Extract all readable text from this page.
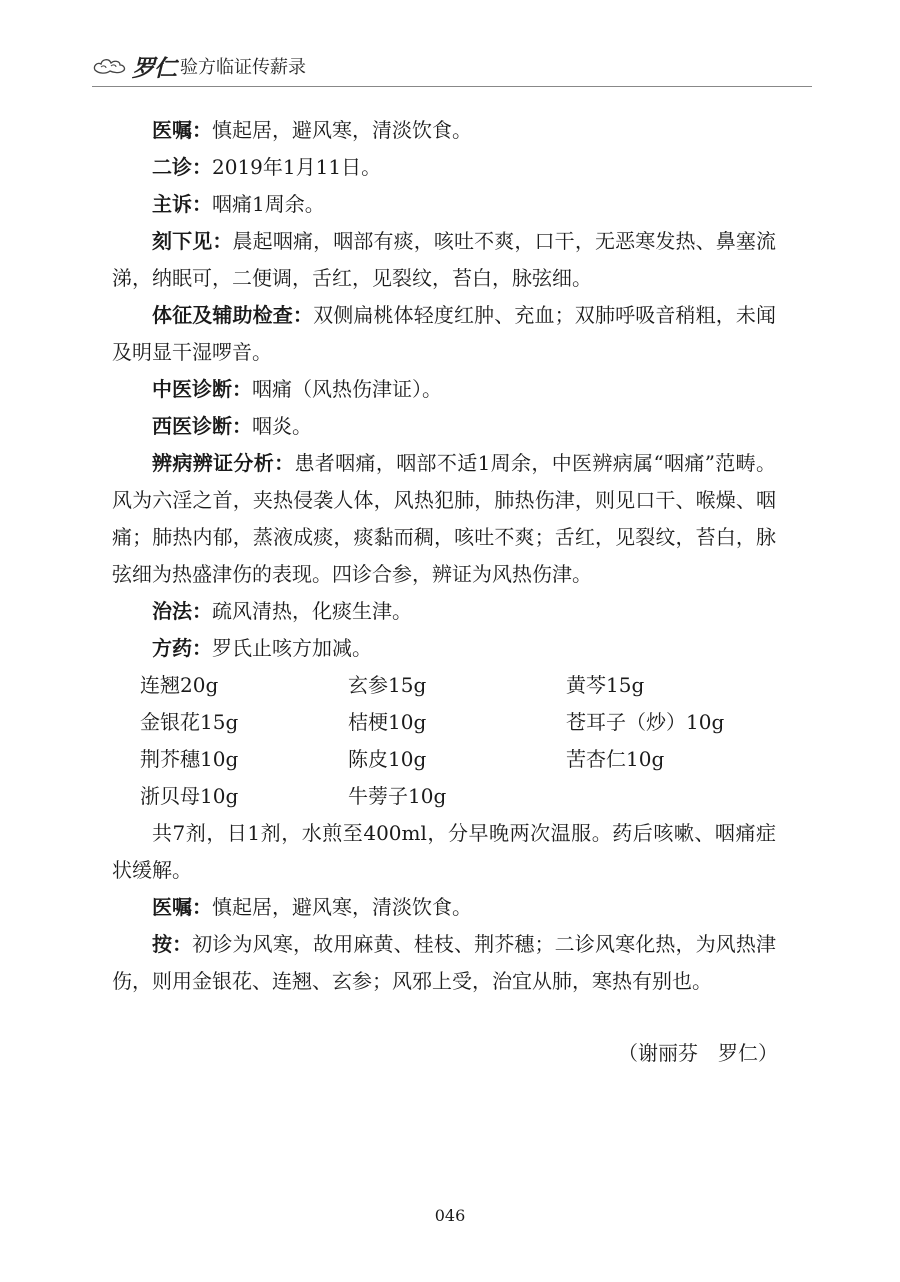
罗仁 验方临证传薪录

医嘱：慎起居，避风寒，清淡饮食。

二诊：2019年1月11日。

主诉：咽痛1周余。

刻下见：晨起咽痛，咽部有痰，咳吐不爽，口干，无恶寒发热、鼻塞流涕，纳眠可，二便调，舌红，见裂纹，苔白，脉弦细。

体征及辅助检查：双侧扁桃体轻度红肿、充血；双肺呼吸音稍粗，未闻及明显干湿啰音。

中医诊断：咽痛（风热伤津证）。

西医诊断：咽炎。

辨病辨证分析：患者咽痛，咽部不适1周余，中医辨病属“咽痛”范畴。风为六淫之首，夹热侵袭人体，风热犯肺，肺热伤津，则见口干、喉燥、咽痛；肺热内郁，蒸液成痰，痰黏而稠，咳吐不爽；舌红，见裂纹，苔白，脉弦细为热盛津伤的表现。四诊合参，辨证为风热伤津。

治法：疏风清热，化痰生津。

方药：罗氏止咳方加减。

连翘20g	玄参15g	黄芩15g
金银花15g	桔梗10g	苍耳子（炒）10g
荆芥穗10g	陈皮10g	苦杏仁10g
浙贝母10g	牛蒡子10g

共7剂，日1剂，水煎至400ml，分早晚两次温服。药后咳嗽、咽痛症状缓解。

医嘱：慎起居，避风寒，清淡饮食。

按：初诊为风寒，故用麻黄、桂枝、荆芥穗；二诊风寒化热，为风热津伤，则用金银花、连翘、玄参；风邪上受，治宜从肺，寒热有别也。

（谢丽芬　罗仁）
046
